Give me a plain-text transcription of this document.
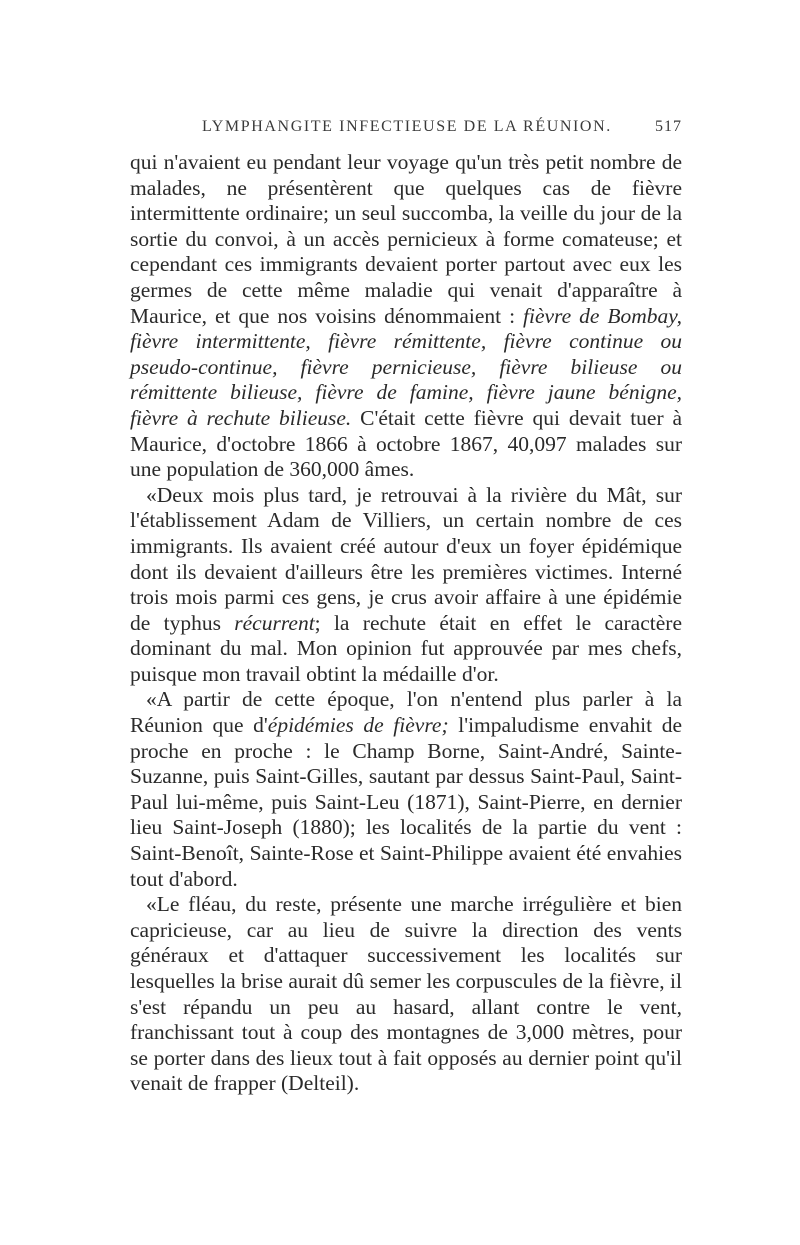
LYMPHANGITE INFECTIEUSE DE LA RÉUNION.	517

qui n'avaient eu pendant leur voyage qu'un très petit nombre de malades, ne présentèrent que quelques cas de fièvre intermittente ordinaire; un seul succomba, la veille du jour de la sortie du convoi, à un accès pernicieux à forme comateuse; et cependant ces immigrants devaient porter partout avec eux les germes de cette même maladie qui venait d'apparaître à Maurice, et que nos voisins dénommaient : fièvre de Bombay, fièvre intermittente, fièvre rémittente, fièvre continue ou pseudo-continue, fièvre pernicieuse, fièvre bilieuse ou rémittente bilieuse, fièvre de famine, fièvre jaune bénigne, fièvre à rechute bilieuse. C'était cette fièvre qui devait tuer à Maurice, d'octobre 1866 à octobre 1867, 40,097 malades sur une population de 360,000 âmes.

«Deux mois plus tard, je retrouvai à la rivière du Mât, sur l'établissement Adam de Villiers, un certain nombre de ces immigrants. Ils avaient créé autour d'eux un foyer épidémique dont ils devaient d'ailleurs être les premières victimes. Interné trois mois parmi ces gens, je crus avoir affaire à une épidémie de typhus récurrent; la rechute était en effet le caractère dominant du mal. Mon opinion fut approuvée par mes chefs, puisque mon travail obtint la médaille d'or.

«A partir de cette époque, l'on n'entend plus parler à la Réunion que d'épidémies de fièvre; l'impaludisme envahit de proche en proche : le Champ Borne, Saint-André, Sainte-Suzanne, puis Saint-Gilles, sautant par dessus Saint-Paul, Saint-Paul lui-même, puis Saint-Leu (1871), Saint-Pierre, en dernier lieu Saint-Joseph (1880); les localités de la partie du vent : Saint-Benoît, Sainte-Rose et Saint-Philippe avaient été envahies tout d'abord.

«Le fléau, du reste, présente une marche irrégulière et bien capricieuse, car au lieu de suivre la direction des vents généraux et d'attaquer successivement les localités sur lesquelles la brise aurait dû semer les corpuscules de la fièvre, il s'est répandu un peu au hasard, allant contre le vent, franchissant tout à coup des montagnes de 3,000 mètres, pour se porter dans des lieux tout à fait opposés au dernier point qu'il venait de frapper (Delteil).
